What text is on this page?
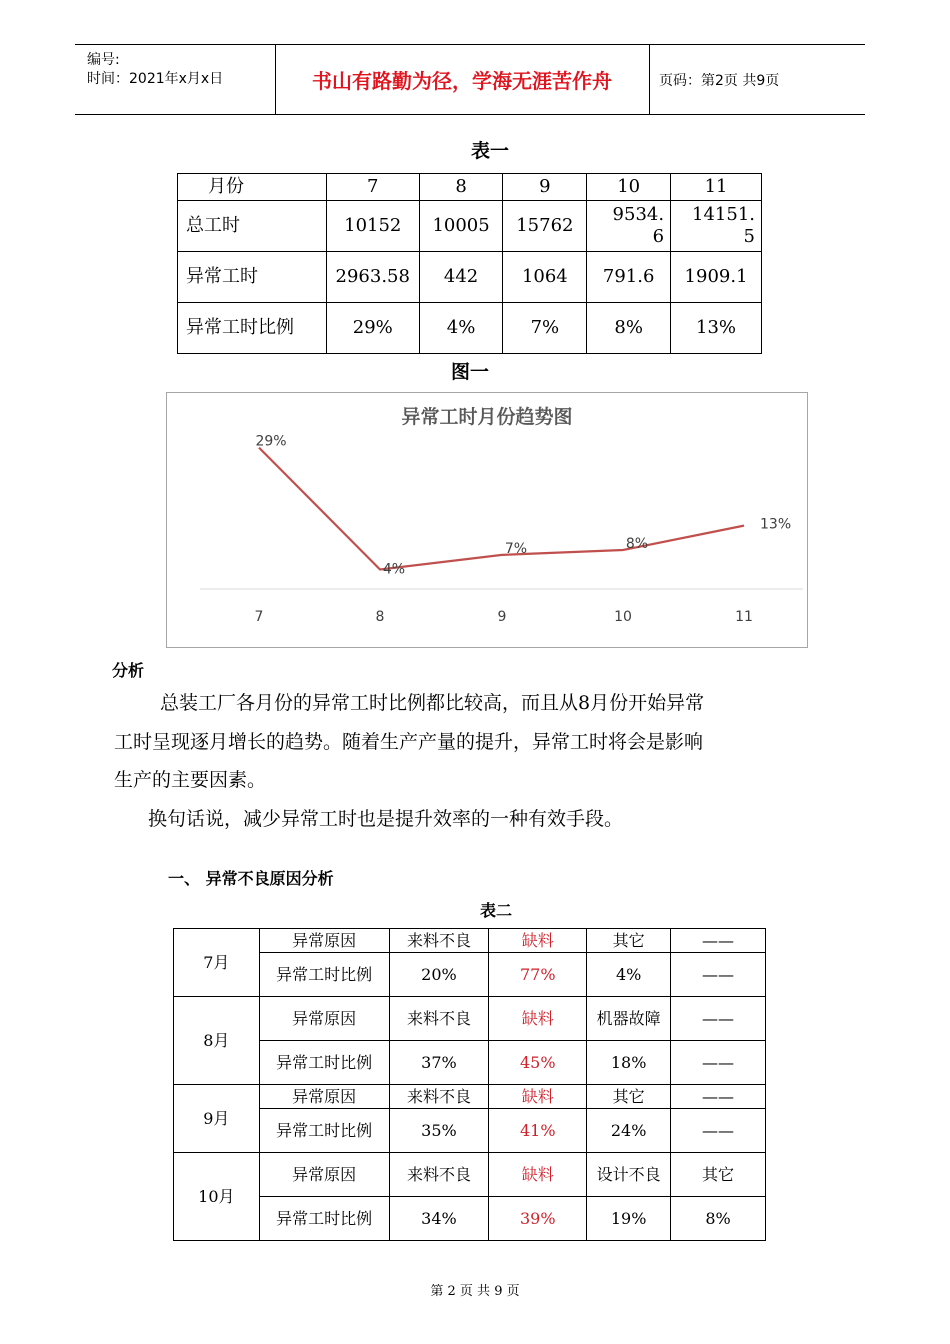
编号:
时间：2021年x月x日	书山有路勤为径，学海无涯苦作舟	页码：第2页 共9页
表一
月份	7	8	9	10	11
总工时	10152	10005	15762	9534.6	14151.5

异常工时	2963.58	442	1064	791.6	1909.1

异常工时比例	29%	4%	7%	8%	13%
图一
异常工时月份趋势图
29%
7
4%
8
7%
9
8%
10
13%
11
分析
总装工厂各月份的异常工时比例都比较高，而且从8月份开始异常
工时呈现逐月增长的趋势。随着生产产量的提升，异常工时将会是影响
生产的主要因素。
换句话说，减少异常工时也是提升效率的一种有效手段。
一、 异常不良原因分析
表二
7月	异常原因	来料不良	缺料	其它	——

	异常工时比例	20%	77%	4%	——
8月	异常原因	来料不良	缺料	机器故障	——

	异常工时比例	37%	45%	18%	——
9月	异常原因	来料不良	缺料	其它	——

	异常工时比例	35%	41%	24%	——
10月	异常原因	来料不良	缺料	设计不良	其它

	异常工时比例	34%	39%	19%	8%
第 2 页 共 9 页
